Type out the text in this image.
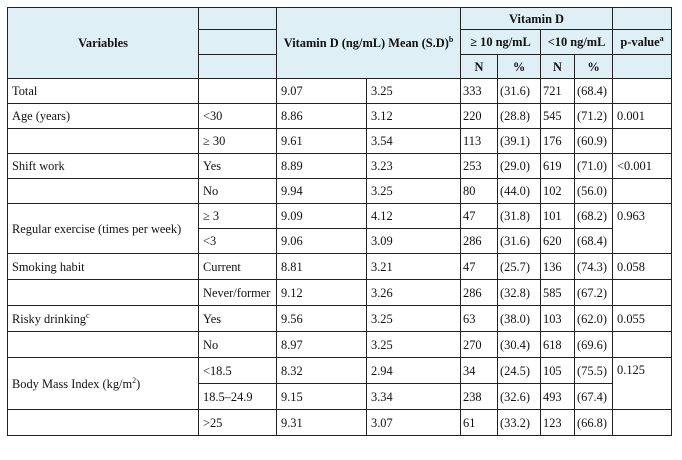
Variables		Vitamin D (ng/mL) Mean $(S.D)^b$		Vitamin D				
				≥ 10 ng/mL		<10 ng/mL		p-value$^a$
				N	%	N	%	
Total		9.07	3.25	333	(31.6)	721	(68.4)	
Age (years)	<30	8.86	3.12	220	(28.8)	545	(71.2)	0.001
	≥ 30	9.61	3.54	113	(39.1)	176	(60.9)	
Shift work	Yes	8.89	3.23	253	(29.0)	619	(71.0)	<0.001
	No	9.94	3.25	80	(44.0)	102	(56.0)	
Regular exercise (times per week)	≥ 3	9.09	4.12	47	(31.8)	101	(68.2)	0.963
	<3	9.06	3.09	286	(31.6)	620	(68.4)	
Smoking habit	Current	8.81	3.21	47	(25.7)	136	(74.3)	0.058
	Never/former	9.12	3.26	286	(32.8)	585	(67.2)	
Risky drinking$^c$	Yes	9.56	3.25	63	(38.0)	103	(62.0)	0.055
	No	8.97	3.25	270	(30.4)	618	(69.6)	
Body Mass Index $(kg/m^2)$	<18.5	8.32	2.94	34	(24.5)	105	(75.5)	0.125
	18.5–24.9	9.15	3.34	238	(32.6)	493	(67.4)	
	>25	9.31	3.07	61	(33.2)	123	(66.8)	
